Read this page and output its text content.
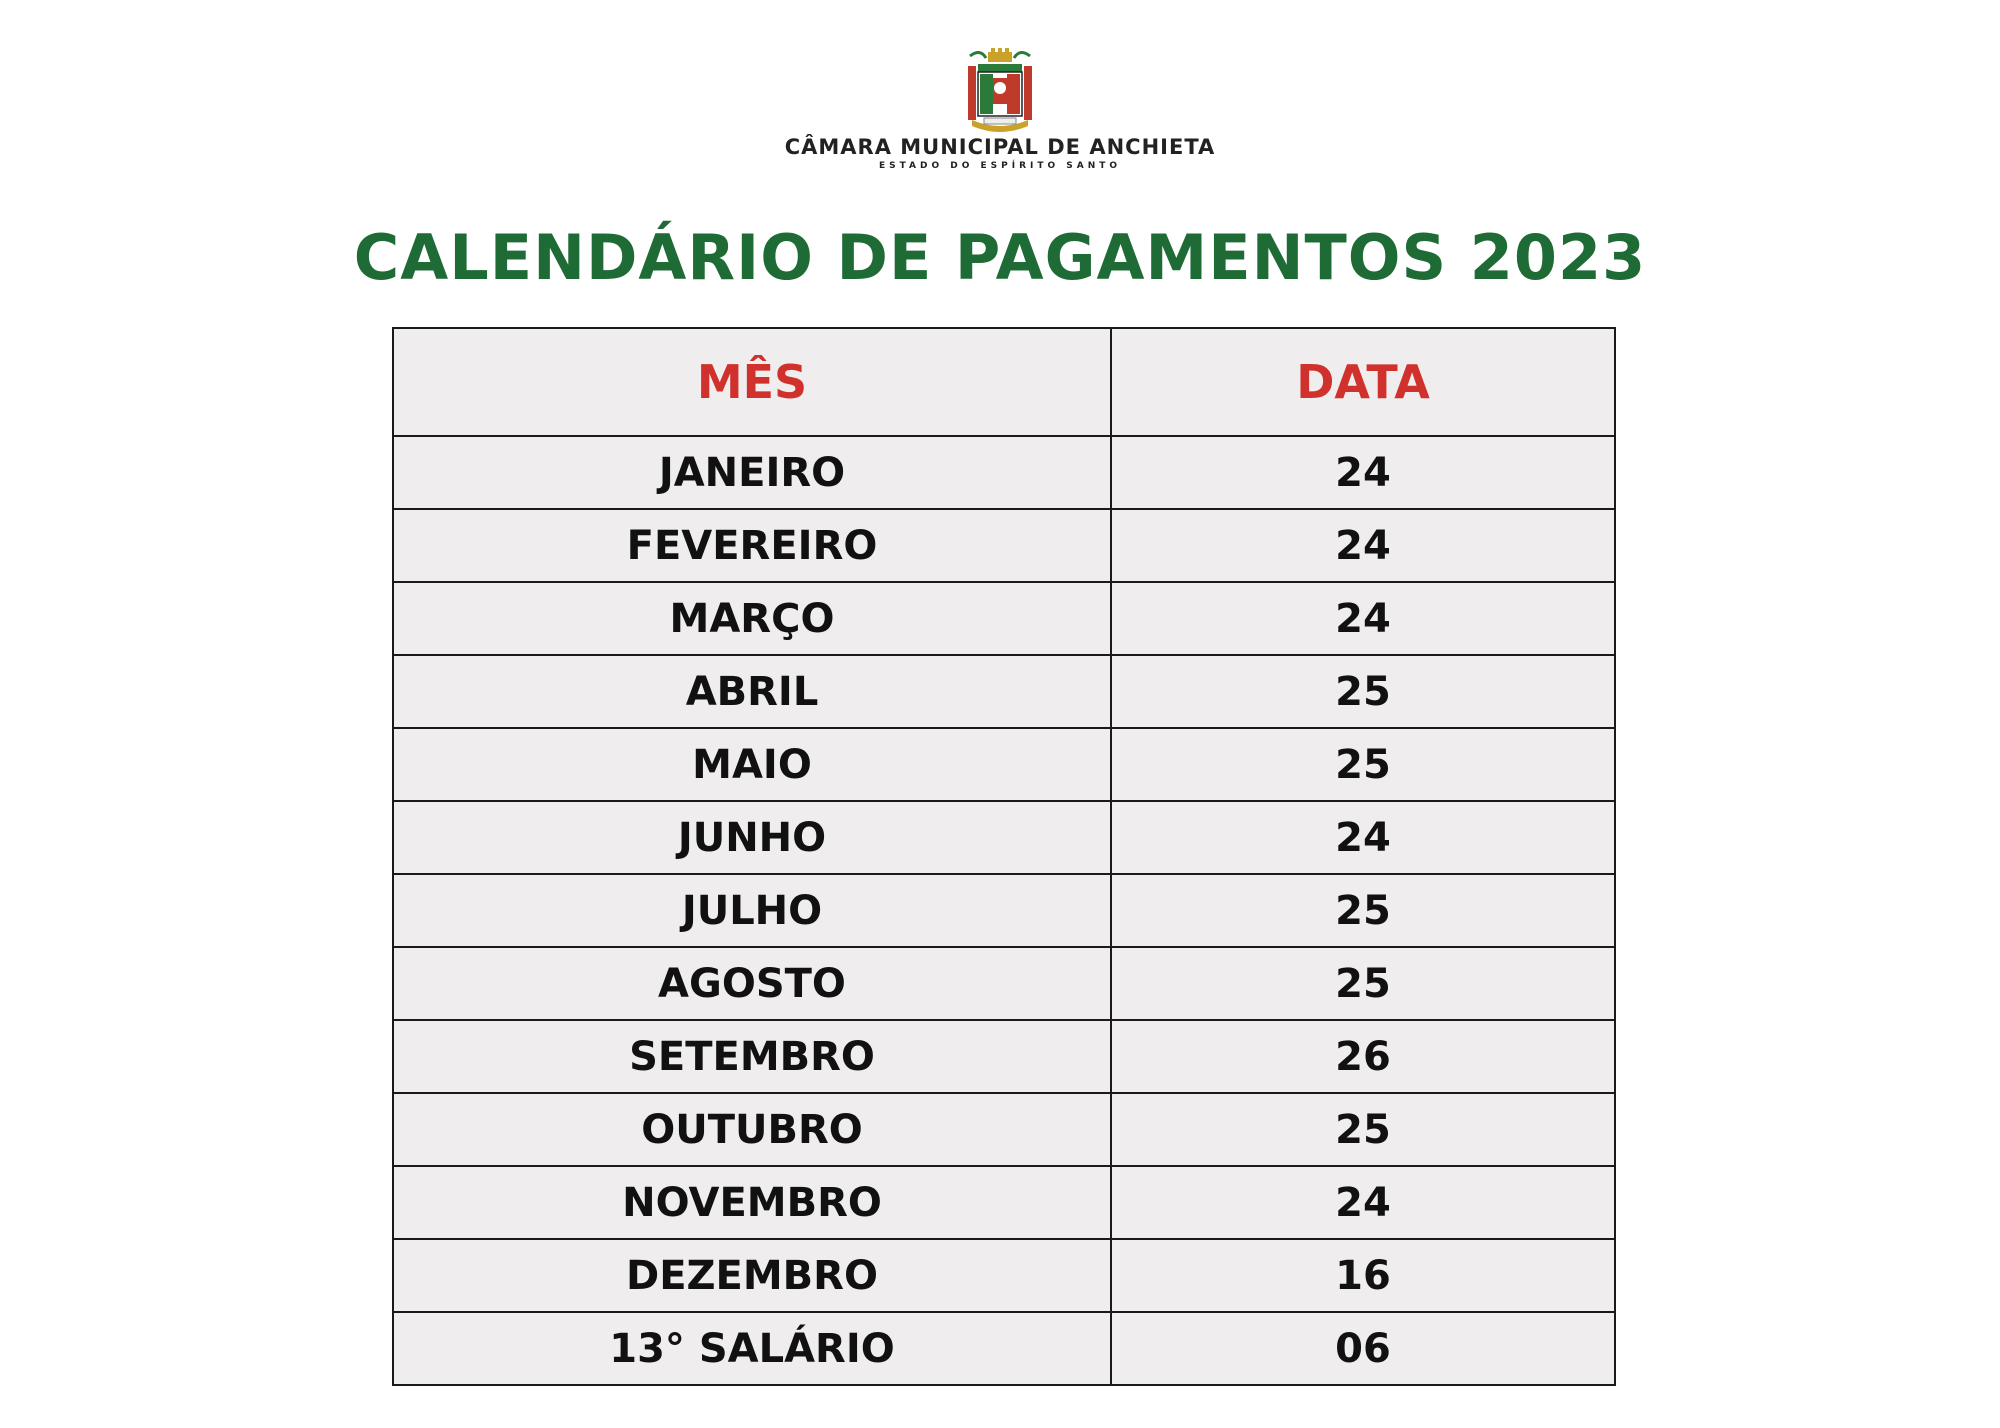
CÂMARA MUNICIPAL DE ANCHIETA
ESTADO DO ESPÍRITO SANTO
CALENDÁRIO DE PAGAMENTOS 2023
MÊS	DATA
JANEIRO	24
FEVEREIRO	24
MARÇO	24
ABRIL	25
MAIO	25
JUNHO	24
JULHO	25
AGOSTO	25
SETEMBRO	26
OUTUBRO	25
NOVEMBRO	24
DEZEMBRO	16
13° SALÁRIO	06
